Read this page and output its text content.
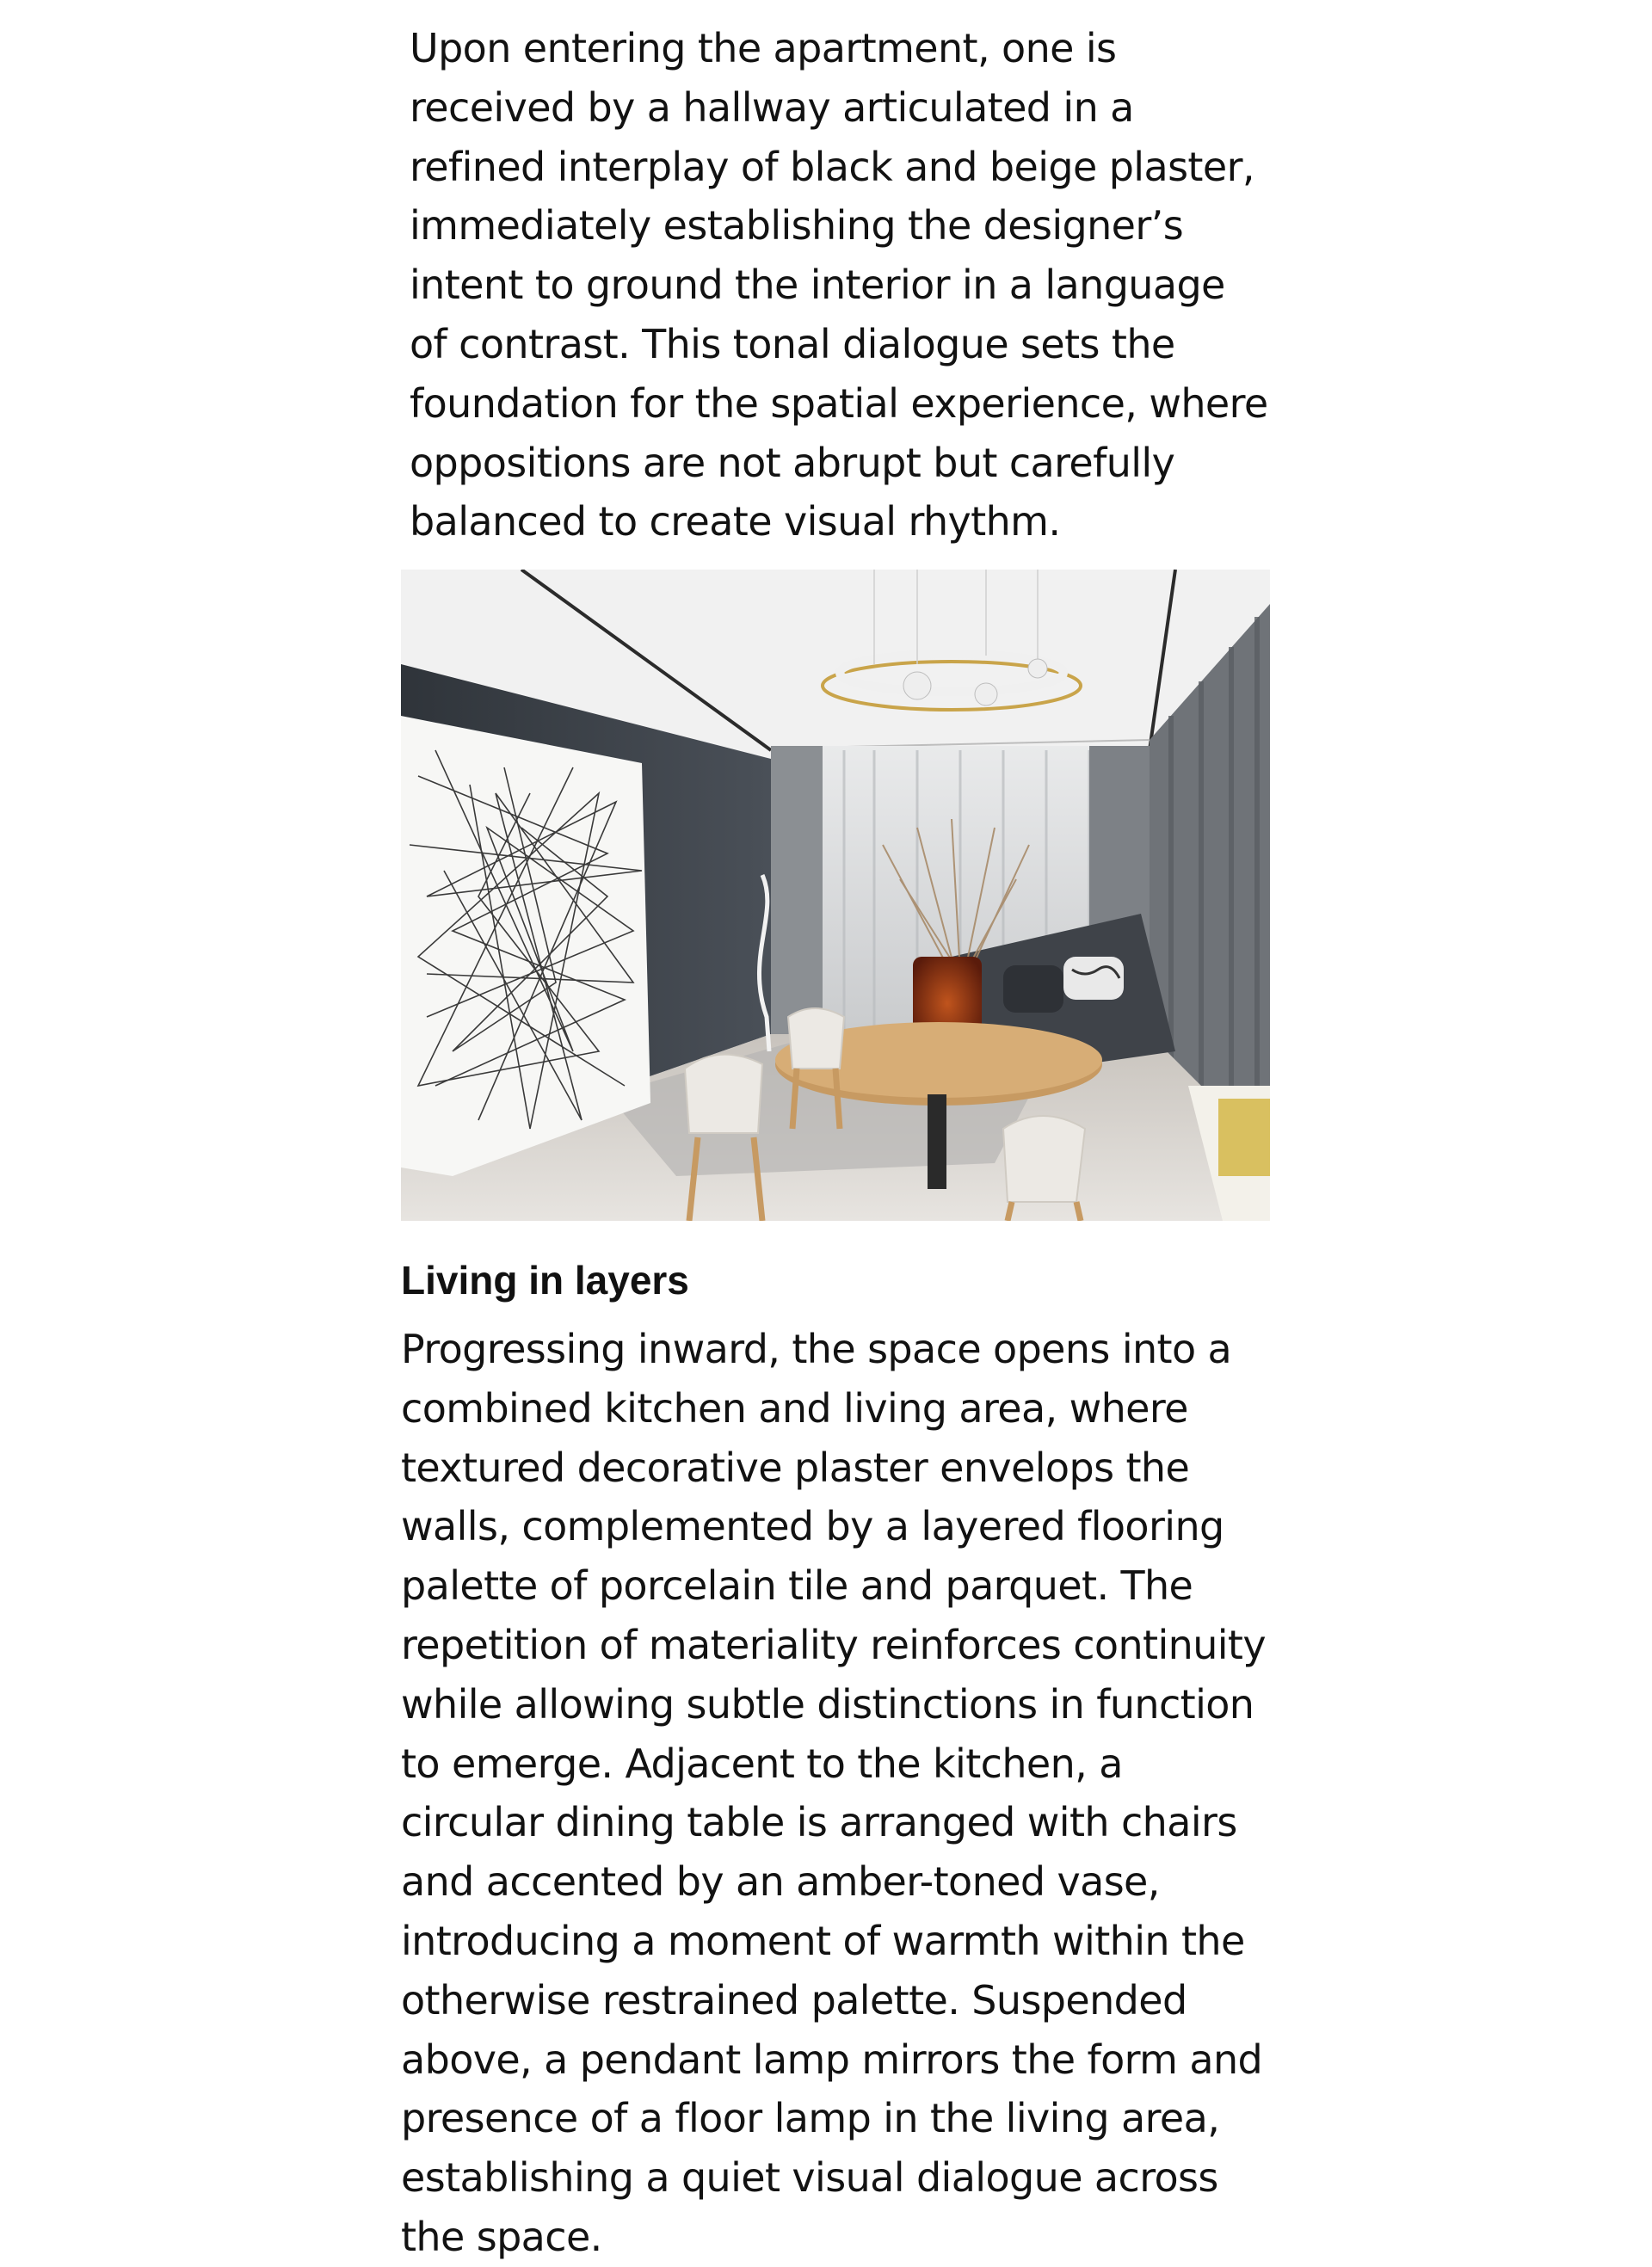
Upon entering the apartment, one is received by a hallway articulated in a refined interplay of black and beige plaster, immediately establishing the designer’s intent to ground the interior in a language of contrast. This tonal dialogue sets the foundation for the spatial experience, where oppositions are not abrupt but carefully balanced to create visual rhythm.

Living in layers

Progressing inward, the space opens into a combined kitchen and living area, where textured decorative plaster envelops the walls, complemented by a layered flooring palette of porcelain tile and parquet. The repetition of materiality reinforces continuity while allowing subtle distinctions in function to emerge. Adjacent to the kitchen, a circular dining table is arranged with chairs and accented by an amber-toned vase, introducing a moment of warmth within the otherwise restrained palette. Suspended above, a pendant lamp mirrors the form and presence of a floor lamp in the living area, establishing a quiet visual dialogue across the space.
